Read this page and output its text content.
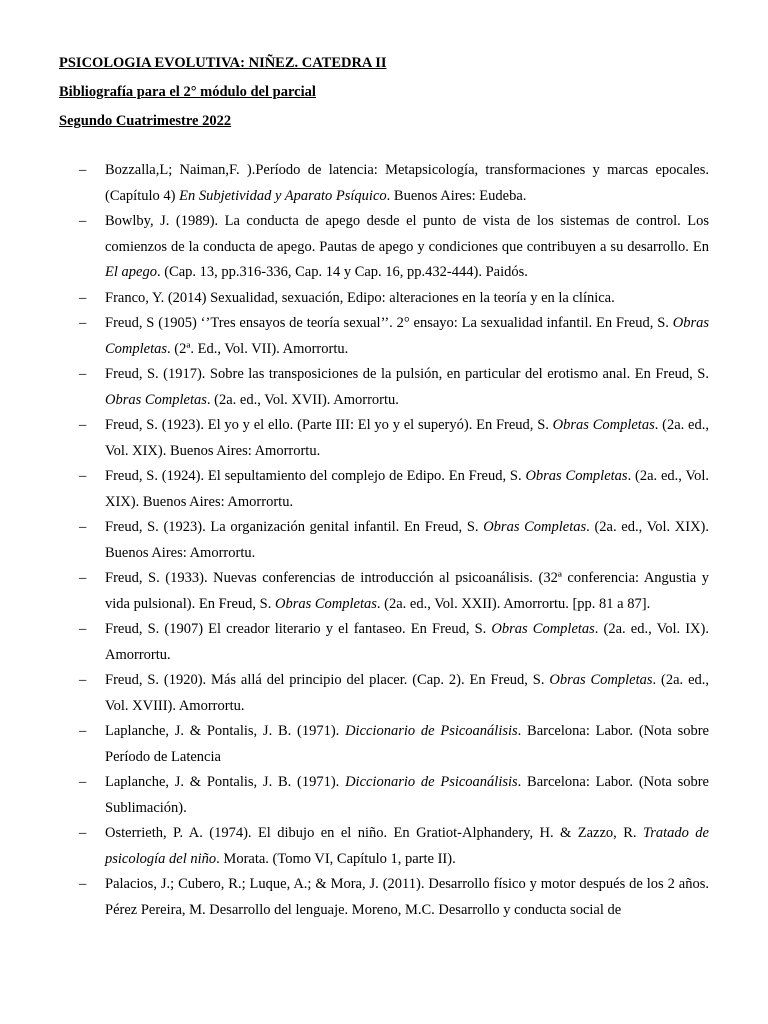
PSICOLOGIA EVOLUTIVA: NIÑEZ. CATEDRA II
Bibliografía para el 2° módulo del parcial
Segundo Cuatrimestre 2022
– Bozzalla,L; Naiman,F. ).Período de latencia: Metapsicología, transformaciones y marcas epocales. (Capítulo 4) En Subjetividad y Aparato Psíquico. Buenos Aires: Eudeba.
– Bowlby, J. (1989). La conducta de apego desde el punto de vista de los sistemas de control. Los comienzos de la conducta de apego. Pautas de apego y condiciones que contribuyen a su desarrollo. En El apego. (Cap. 13, pp.316-336, Cap. 14 y Cap. 16, pp.432-444). Paidós.
– Franco, Y. (2014) Sexualidad, sexuación, Edipo: alteraciones en la teoría y en la clínica.
– Freud, S (1905) ‘’Tres ensayos de teoría sexual’’. 2° ensayo: La sexualidad infantil. En Freud, S. Obras Completas. (2ª. Ed., Vol. VII). Amorrortu.
– Freud, S. (1917). Sobre las transposiciones de la pulsión, en particular del erotismo anal. En Freud, S. Obras Completas. (2a. ed., Vol. XVII). Amorrortu.
– Freud, S. (1923). El yo y el ello. (Parte III: El yo y el superyó). En Freud, S. Obras Completas. (2a. ed., Vol. XIX). Buenos Aires: Amorrortu.
– Freud, S. (1924). El sepultamiento del complejo de Edipo. En Freud, S. Obras Completas. (2a. ed., Vol. XIX). Buenos Aires: Amorrortu.
– Freud, S. (1923). La organización genital infantil. En Freud, S. Obras Completas. (2a. ed., Vol. XIX). Buenos Aires: Amorrortu.
– Freud, S. (1933). Nuevas conferencias de introducción al psicoanálisis. (32ª conferencia: Angustia y vida pulsional). En Freud, S. Obras Completas. (2a. ed., Vol. XXII). Amorrortu. [pp. 81 a 87].
– Freud, S. (1907) El creador literario y el fantaseo. En Freud, S. Obras Completas. (2a. ed., Vol. IX). Amorrortu.
– Freud, S. (1920). Más allá del principio del placer. (Cap. 2). En Freud, S. Obras Completas. (2a. ed., Vol. XVIII). Amorrortu.
– Laplanche, J. & Pontalis, J. B. (1971). Diccionario de Psicoanálisis. Barcelona: Labor. (Nota sobre Período de Latencia
– Laplanche, J. & Pontalis, J. B. (1971). Diccionario de Psicoanálisis. Barcelona: Labor. (Nota sobre Sublimación).
– Osterrieth, P. A. (1974). El dibujo en el niño. En Gratiot-Alphandery, H. & Zazzo, R. Tratado de psicología del niño. Morata. (Tomo VI, Capítulo 1, parte II).
– Palacios, J.; Cubero, R.; Luque, A.; & Mora, J. (2011). Desarrollo físico y motor después de los 2 años. Pérez Pereira, M. Desarrollo del lenguaje. Moreno, M.C. Desarrollo y conducta social de
